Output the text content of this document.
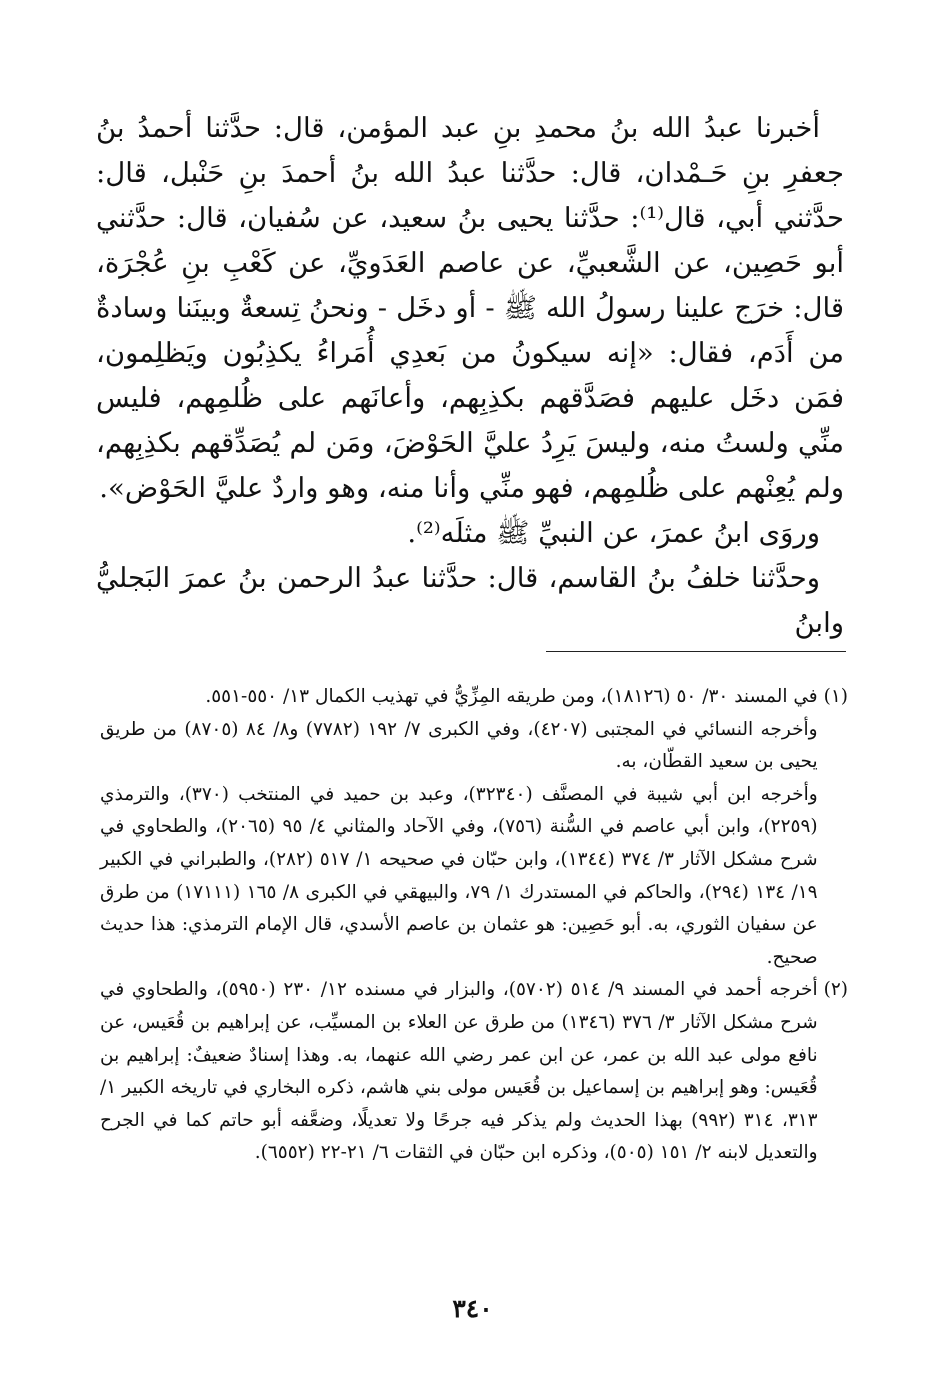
أخبرنا عبدُ الله بنُ محمدِ بنِ عبد المؤمن، قال: حدَّثنا أحمدُ بنُ جعفرِ بنِ حَـمْدان، قال: حدَّثنا عبدُ الله بنُ أحمدَ بنِ حَنْبل، قال: حدَّثني أبي، قال⁽¹⁾: حدَّثنا يحيى بنُ سعيد، عن سُفيان، قال: حدَّثني أبو حَصِين، عن الشَّعبيِّ، عن عاصم العَدَويِّ، عن كَعْبِ بنِ عُجْرَة، قال: خرَج علينا رسولُ الله ﷺ - أو دخَل - ونحنُ تِسعةٌ وبينَنا وسادةٌ من أَدَم، فقال: «إنه سيكونُ من بَعدِي أُمَراءُ يكذِبُون ويَظلِمون، فمَن دخَل عليهم فصَدَّقهم بكذِبِهم، وأعانَهم على ظُلمِهم، فليس منِّي ولستُ منه، وليسَ يَرِدُ عليَّ الحَوْضَ، ومَن لم يُصَدِّقهم بكذِبِهم، ولم يُعِنْهم على ظُلمِهم، فهو منِّي وأنا منه، وهو واردٌ عليَّ الحَوْض».

وروَى ابنُ عمرَ، عن النبيِّ ﷺ مثلَه⁽²⁾.

وحدَّثنا خلفُ بنُ القاسم، قال: حدَّثنا عبدُ الرحمن بنُ عمرَ البَجليُّ وابنُ

(١)

في المسند ٣٠/ ٥٠ (١٨١٢٦)، ومن طريقه المِزِّيُّ في تهذيب الكمال ١٣/ ٥٥٠-٥٥١.

وأخرجه النسائي في المجتبى (٤٢٠٧)، وفي الكبرى ٧/ ١٩٢ (٧٧٨٢) و٨/ ٨٤ (٨٧٠٥) من طريق يحيى بن سعيد القطّان، به.

وأخرجه ابن أبي شيبة في المصنَّف (٣٢٣٤٠)، وعبد بن حميد في المنتخب (٣٧٠)، والترمذي (٢٢٥٩)، وابن أبي عاصم في السُّنة (٧٥٦)، وفي الآحاد والمثاني ٤/ ٩٥ (٢٠٦٥)، والطحاوي في شرح مشكل الآثار ٣/ ٣٧٤ (١٣٤٤)، وابن حبّان في صحيحه ١/ ٥١٧ (٢٨٢)، والطبراني في الكبير ١٩/ ١٣٤ (٢٩٤)، والحاكم في المستدرك ١/ ٧٩، والبيهقي في الكبرى ٨/ ١٦٥ (١٧١١١) من طرق عن سفيان الثوري، به. أبو حَصِين: هو عثمان بن عاصم الأسدي، قال الإمام الترمذي: هذا حديث صحيح.

(٢)

أخرجه أحمد في المسند ٩/ ٥١٤ (٥٧٠٢)، والبزار في مسنده ١٢/ ٢٣٠ (٥٩٥٠)، والطحاوي في شرح مشكل الآثار ٣/ ٣٧٦ (١٣٤٦) من طرق عن العلاء بن المسيِّب، عن إبراهيم بن قُعَيس، عن نافع مولى عبد الله بن عمر، عن ابن عمر رضي الله عنهما، به. وهذا إسنادٌ ضعيفٌ: إبراهيم بن قُعَيس: وهو إبراهيم بن إسماعيل بن قُعَيس مولى بني هاشم، ذكره البخاري في تاريخه الكبير ١/ ٣١٣، ٣١٤ (٩٩٢) بهذا الحديث ولم يذكر فيه جرحًا ولا تعديلًا، وضعَّفه أبو حاتم كما في الجرح والتعديل لابنه ٢/ ١٥١ (٥٠٥)، وذكره ابن حبّان في الثقات ٦/ ٢١-٢٢ (٦٥٥٢).

٣٤٠
